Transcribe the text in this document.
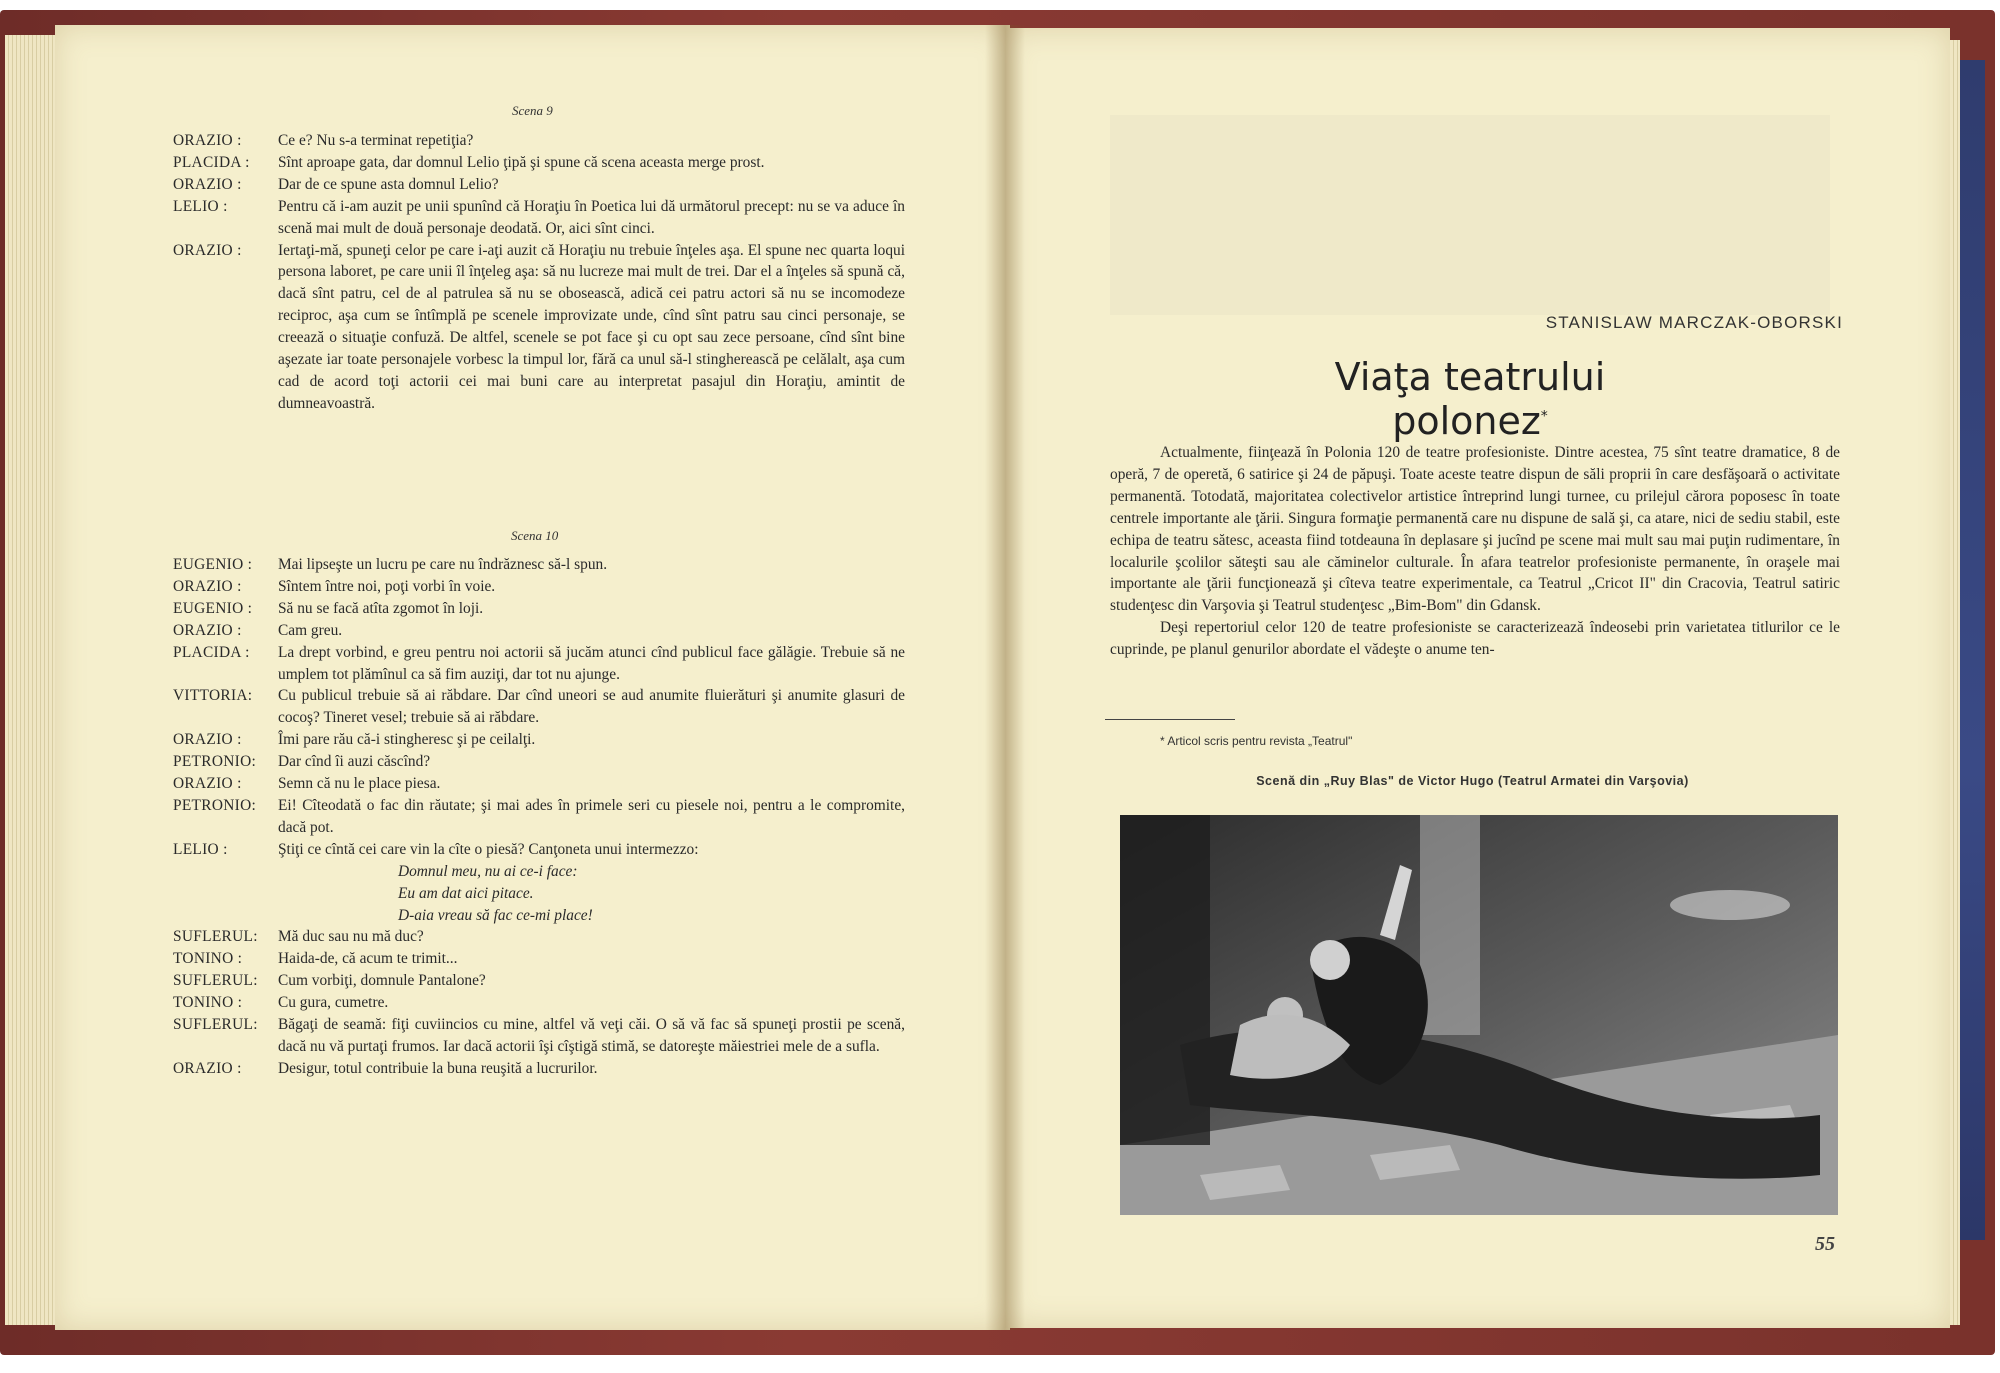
Scena 9
ORAZIO :	Ce e? Nu s-a terminat repetiţia?
PLACIDA :	Sînt aproape gata, dar domnul Lelio ţipă şi spune că scena aceasta merge prost.
ORAZIO :	Dar de ce spune asta domnul Lelio?
LELIO :	Pentru că i-am auzit pe unii spunînd că Horaţiu în Poetica lui dă următorul precept: nu se va aduce în scenă mai mult de două personaje deodată. Or, aici sînt cinci.
ORAZIO :	Iertaţi-mă, spuneţi celor pe care i-aţi auzit că Horaţiu nu trebuie înţeles aşa. El spune nec quarta loqui persona laboret, pe care unii îl înţeleg aşa: să nu lucreze mai mult de trei. Dar el a înţeles să spună că, dacă sînt patru, cel de al patrulea să nu se obosească, adică cei patru actori să nu se incomodeze reciproc, aşa cum se întîmplă pe scenele improvizate unde, cînd sînt patru sau cinci personaje, se creează o situaţie confuză. De altfel, scenele se pot face şi cu opt sau zece persoane, cînd sînt bine aşezate iar toate personajele vorbesc la timpul lor, fără ca unul să-l stingherească pe celălalt, aşa cum cad de acord toţi actorii cei mai buni care au interpretat pasajul din Horaţiu, amintit de dumneavoastră.
Scena 10
EUGENIO :	Mai lipseşte un lucru pe care nu îndrăznesc să-l spun.
ORAZIO :	Sîntem între noi, poţi vorbi în voie.
EUGENIO :	Să nu se facă atîta zgomot în loji.
ORAZIO :	Cam greu.
PLACIDA :	La drept vorbind, e greu pentru noi actorii să jucăm atunci cînd publicul face gălăgie. Trebuie să ne umplem tot plămînul ca să fim auziţi, dar tot nu ajunge.
VITTORIA:	Cu publicul trebuie să ai răbdare. Dar cînd uneori se aud anumite fluierături şi anumite glasuri de cocoş? Tineret vesel; trebuie să ai răbdare.
ORAZIO :	Îmi pare rău că-i stingheresc şi pe ceilalţi.
PETRONIO:	Dar cînd îi auzi căscînd?
ORAZIO :	Semn că nu le place piesa.
PETRONIO:	Ei! Cîteodată o fac din răutate; şi mai ades în primele seri cu piesele noi, pentru a le compromite, dacă pot.
LELIO :	Ştiţi ce cîntă cei care vin la cîte o piesă? Canţoneta unui intermezzo:
Domnul meu, nu ai ce-i face:
Eu am dat aici pitace.
D-aia vreau să fac ce-mi place!
SUFLERUL:	Mă duc sau nu mă duc?
TONINO :	Haida-de, că acum te trimit...
SUFLERUL:	Cum vorbiţi, domnule Pantalone?
TONINO :	Cu gura, cumetre.
SUFLERUL:	Băgaţi de seamă: fiţi cuviincios cu mine, altfel vă veţi căi. O să vă fac să spuneţi prostii pe scenă, dacă nu vă purtaţi frumos. Iar dacă actorii îşi cîştigă stimă, se datoreşte măiestriei mele de a sufla.
ORAZIO :	Desigur, totul contribuie la buna reuşită a lucrurilor.
STANISLAW MARCZAK-OBORSKI
Viaţa teatrului polonez*

Actualmente, fiinţează în Polonia 120 de teatre profesioniste. Dintre acestea, 75 sînt teatre dramatice, 8 de operă, 7 de operetă, 6 satirice şi 24 de păpuşi. Toate aceste teatre dispun de săli proprii în care desfăşoară o activitate permanentă. Totodată, majoritatea colectivelor artistice întreprind lungi turnee, cu prilejul cărora poposesc în toate centrele importante ale ţării. Singura formaţie permanentă care nu dispune de sală şi, ca atare, nici de sediu stabil, este echipa de teatru sătesc, aceasta fiind totdeauna în deplasare şi jucînd pe scene mai mult sau mai puţin rudimentare, în localurile şcolilor săteşti sau ale căminelor culturale. În afara teatrelor profesioniste permanente, în oraşele mai importante ale ţării funcţionează şi cîteva teatre experimentale, ca Teatrul „Cricot II" din Cracovia, Teatrul satiric studenţesc din Varşovia şi Teatrul studenţesc „Bim-Bom" din Gdansk.

Deşi repertoriul celor 120 de teatre profesioniste se caracterizează îndeosebi prin varietatea titlurilor ce le cuprinde, pe planul genurilor abordate el vădeşte o anume ten-

* Articol scris pentru revista „Teatrul"
Scenă din „Ruy Blas" de Victor Hugo (Teatrul Armatei din Varşovia)
55
